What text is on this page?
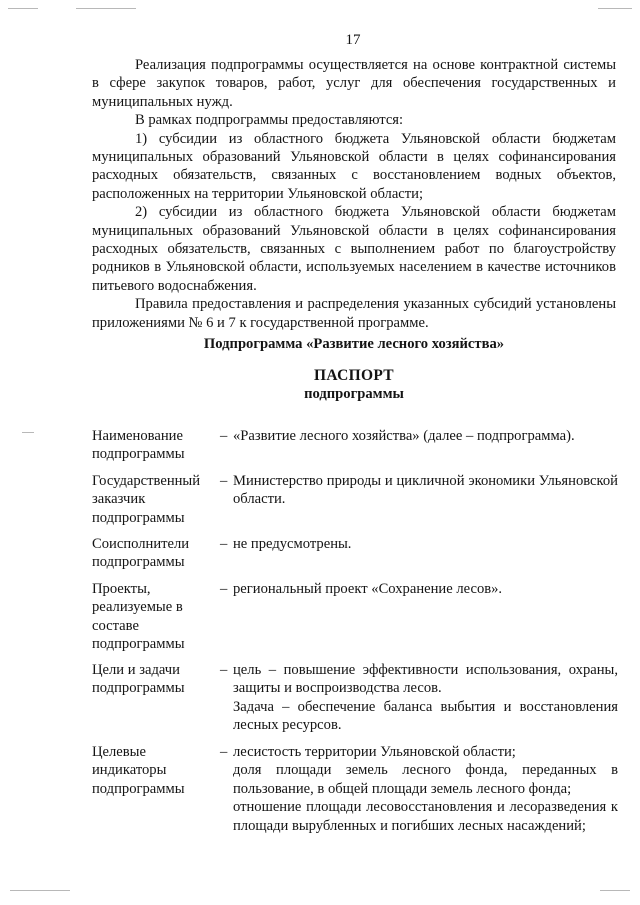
17

Реализация подпрограммы осуществляется на основе контрактной системы в сфере закупок товаров, работ, услуг для обеспечения государственных и муниципальных нужд.

В рамках подпрограммы предоставляются:

1) субсидии из областного бюджета Ульяновской области бюджетам муниципальных образований Ульяновской области в целях софинансирования расходных обязательств, связанных с восстановлением водных объектов, расположенных на территории Ульяновской области;

2) субсидии из областного бюджета Ульяновской области бюджетам муниципальных образований Ульяновской области в целях софинансирования расходных обязательств, связанных с выполнением работ по благоустройству родников в Ульяновской области, используемых населением в качестве источников питьевого водоснабжения.

Правила предоставления и распределения указанных субсидий установлены приложениями № 6 и 7 к государственной программе.

Подпрограмма «Развитие лесного хозяйства»
ПАСПОРТ
подпрограммы
Наименование подпрограммы
– «Развитие лесного хозяйства» (далее – подпрограмма).

Государственный заказчик подпрограммы
– Министерство природы и цикличной экономики Ульяновской области.

Соисполнители подпрограммы
– не предусмотрены.

Проекты, реализуемые в составе подпрограммы
– региональный проект «Сохранение лесов».

Цели и задачи подпрограммы
– цель – повышение эффективности использования, охраны, защиты и воспроизводства лесов.

Задача – обеспечение баланса выбытия и восстановления лесных ресурсов.

Целевые индикаторы подпрограммы
– лесистость территории Ульяновской области;

доля площади земель лесного фонда, переданных в пользование, в общей площади земель лесного фонда;

отношение площади лесовосстановления и лесоразведения к площади вырубленных и погибших лесных насаждений;
